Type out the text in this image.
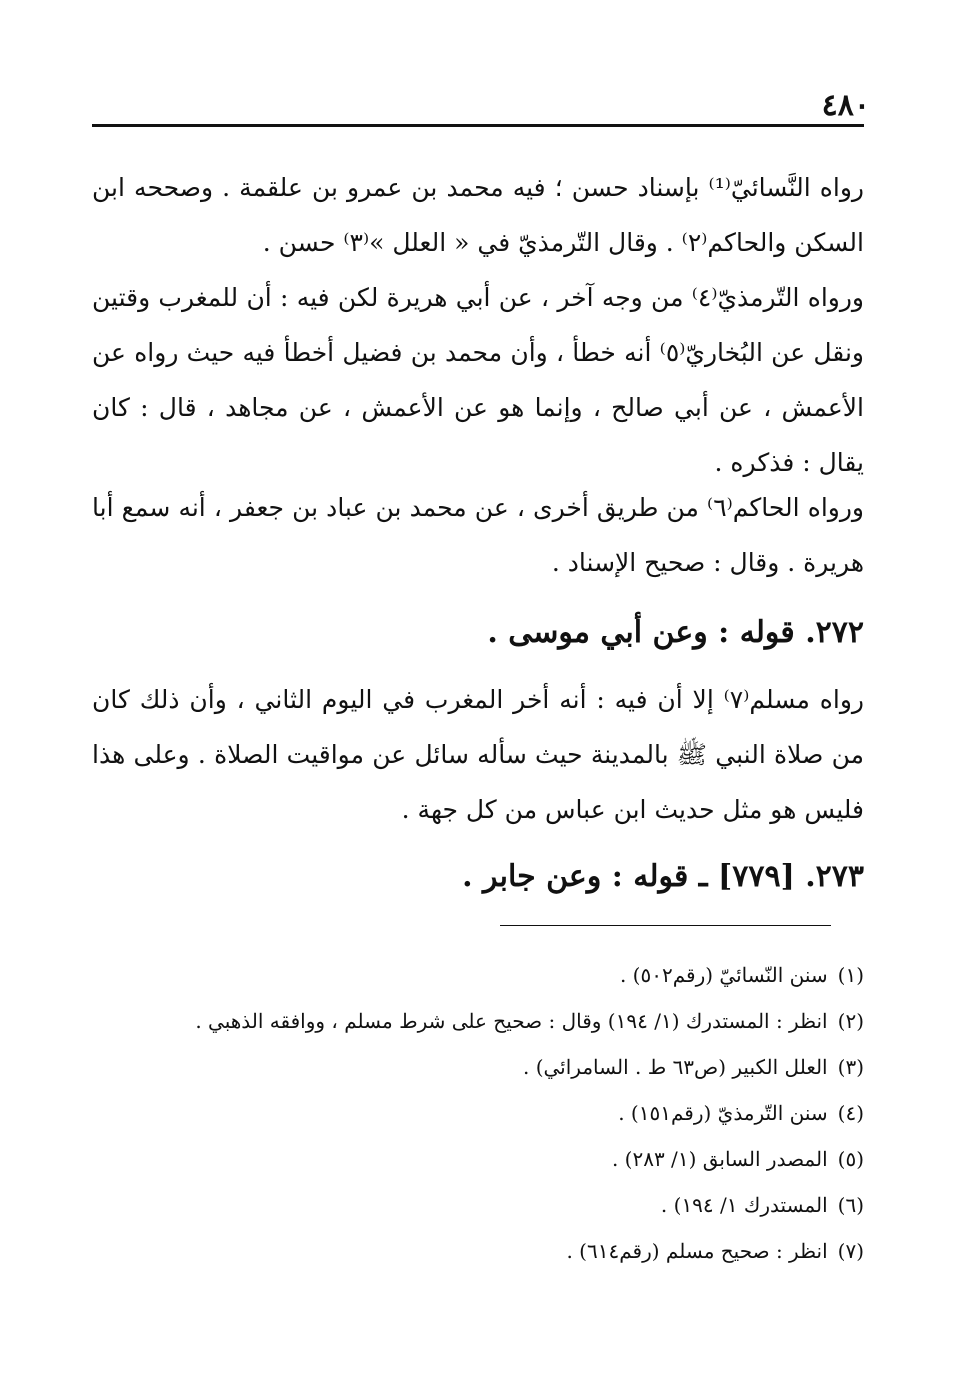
٤٨٠

رواه النَّسائيّ⁽¹⁾ بإسناد حسن ؛ فيه محمد بن عمرو بن علقمة . وصححه ابن السكن والحاكم⁽٢⁾ . وقال التّرمذيّ في « العلل »⁽٣⁾ حسن .

ورواه التّرمذيّ⁽٤⁾ من وجه آخر ، عن أبي هريرة لكن فيه : أن للمغرب وقتين ونقل عن البُخاريّ⁽٥⁾ أنه خطأ ، وأن محمد بن فضيل أخطأ فيه حيث رواه عن الأعمش ، عن أبي صالح ، وإنما هو عن الأعمش ، عن مجاهد ، قال : كان يقال : فذكره .

ورواه الحاكم⁽٦⁾ من طريق أخرى ، عن محمد بن عباد بن جعفر ، أنه سمع أبا هريرة . وقال : صحيح الإسناد .

٢٧٢. قوله : وعن أبي موسى .

رواه مسلم⁽٧⁾ إلا أن فيه : أنه أخر المغرب في اليوم الثاني ، وأن ذلك كان من صلاة النبي ﷺ بالمدينة حيث سأله سائل عن مواقيت الصلاة . وعلى هذا فليس هو مثل حديث ابن عباس من كل جهة .

٢٧٣. [٧٧٩] ـ قوله : وعن جابر .
(١)سنن النّسائيّ (رقم٥٠٢) .
(٢)انظر : المستدرك (١/ ١٩٤) وقال : صحيح على شرط مسلم ، ووافقه الذهبي .
(٣)العلل الكبير (ص٦٣ ط . السامرائي) .
(٤)سنن التّرمذيّ (رقم١٥١) .
(٥)المصدر السابق (١/ ٢٨٣) .
(٦)المستدرك ١/ ١٩٤) .
(٧)انظر : صحيح مسلم (رقم٦١٤) .
